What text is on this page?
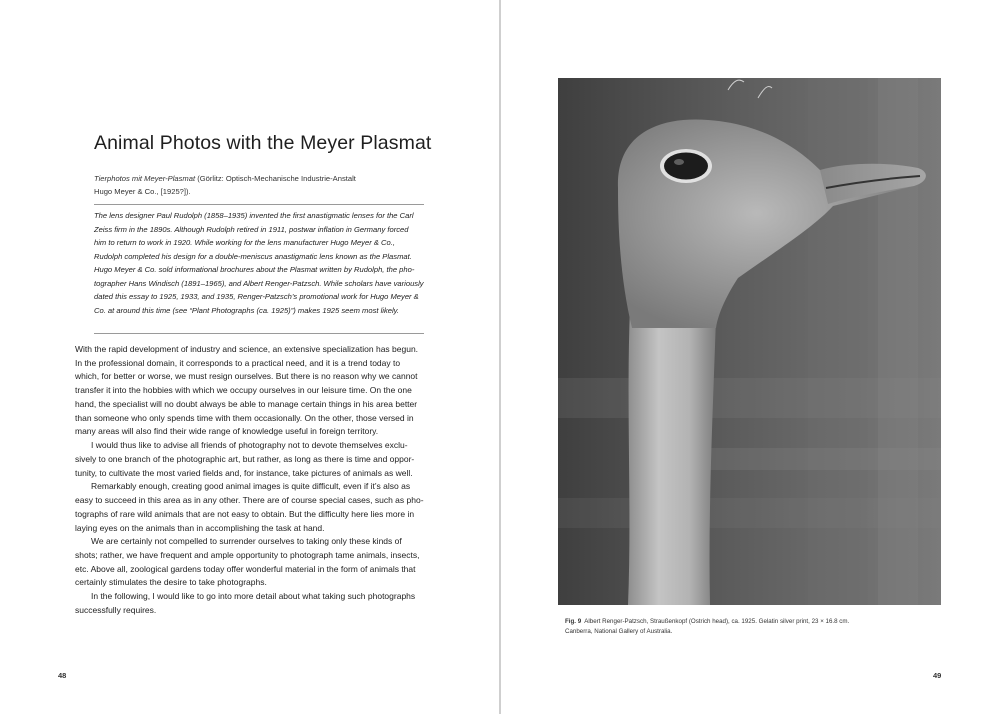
Animal Photos with the Meyer Plasmat
Tierphotos mit Meyer-Plasmat (Görlitz: Optisch-Mechanische Industrie-Anstalt
Hugo Meyer & Co., [1925?]).
The lens designer Paul Rudolph (1858–1935) invented the first anastigmatic lenses for the Carl
Zeiss firm in the 1890s. Although Rudolph retired in 1911, postwar inflation in Germany forced
him to return to work in 1920. While working for the lens manufacturer Hugo Meyer & Co.,
Rudolph completed his design for a double-meniscus anastigmatic lens known as the Plasmat.
Hugo Meyer & Co. sold informational brochures about the Plasmat written by Rudolph, the pho-
tographer Hans Windisch (1891–1965), and Albert Renger-Patzsch. While scholars have variously
dated this essay to 1925, 1933, and 1935, Renger-Patzsch’s promotional work for Hugo Meyer &
Co. at around this time (see “Plant Photographs (ca. 1925)”) makes 1925 seem most likely.
With the rapid development of industry and science, an extensive specialization has begun.
In the professional domain, it corresponds to a practical need, and it is a trend today to
which, for better or worse, we must resign ourselves. But there is no reason why we cannot
transfer it into the hobbies with which we occupy ourselves in our leisure time. On the one
hand, the specialist will no doubt always be able to manage certain things in his area better
than someone who only spends time with them occasionally. On the other, those versed in
many areas will also find their wide range of knowledge useful in foreign territory.
I would thus like to advise all friends of photography not to devote themselves exclu-
sively to one branch of the photographic art, but rather, as long as there is time and oppor-
tunity, to cultivate the most varied fields and, for instance, take pictures of animals as well.
Remarkably enough, creating good animal images is quite difficult, even if it’s also as
easy to succeed in this area as in any other. There are of course special cases, such as pho-
tographs of rare wild animals that are not easy to obtain. But the difficulty here lies more in
laying eyes on the animals than in accomplishing the task at hand.
We are certainly not compelled to surrender ourselves to taking only these kinds of
shots; rather, we have frequent and ample opportunity to photograph tame animals, insects,
etc. Above all, zoological gardens today offer wonderful material in the form of animals that
certainly stimulates the desire to take photographs.
In the following, I would like to go into more detail about what taking such photographs
successfully requires.
48
Fig. 9  Albert Renger-Patzsch, Straußenkopf (Ostrich head), ca. 1925. Gelatin silver print, 23 × 16.8 cm.
Canberra, National Gallery of Australia.
49
